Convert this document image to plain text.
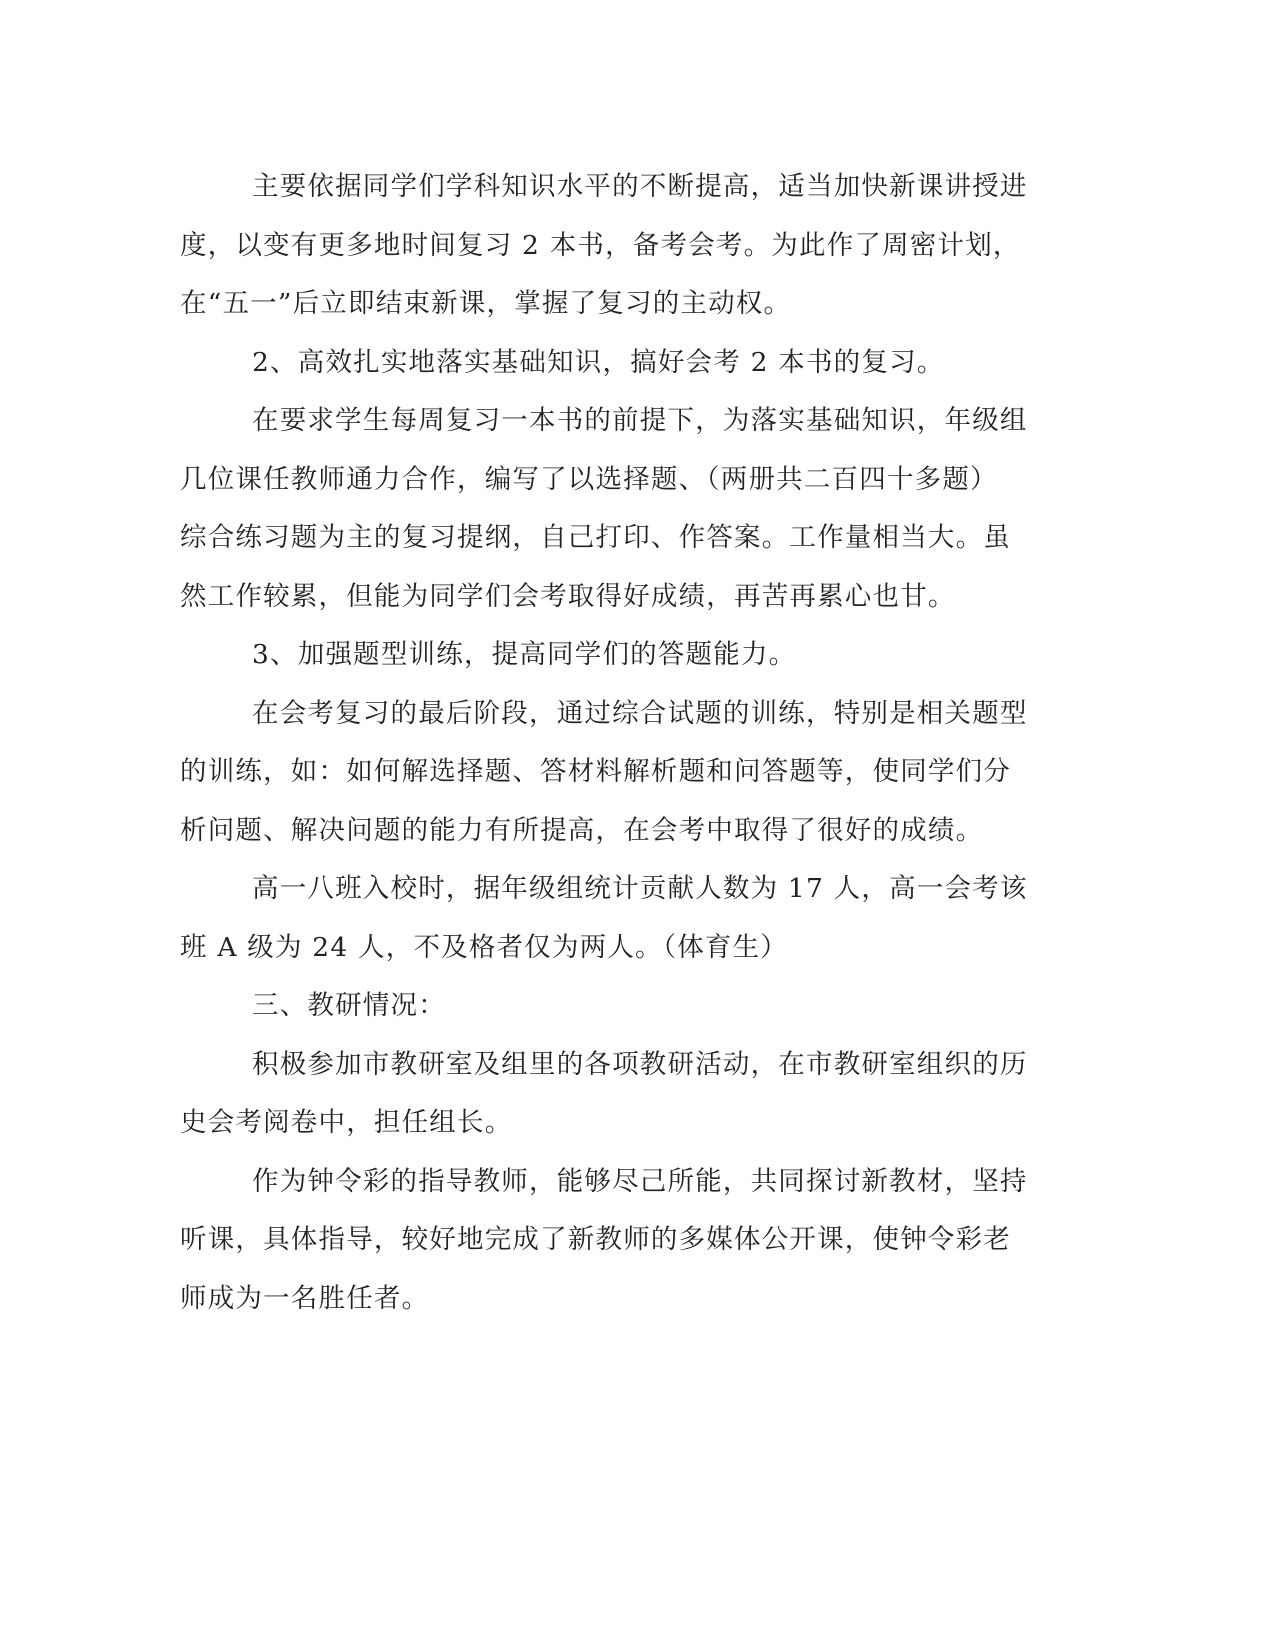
主要依据同学们学科知识水平的不断提高，适当加快新课讲授进
度，以变有更多地时间复习 2 本书，备考会考。为此作了周密计划，
在“五一”后立即结束新课，掌握了复习的主动权。

2、高效扎实地落实基础知识，搞好会考 2 本书的复习。

在要求学生每周复习一本书的前提下，为落实基础知识，年级组
几位课任教师通力合作，编写了以选择题、（两册共二百四十多题）
综合练习题为主的复习提纲，自己打印、作答案。工作量相当大。虽
然工作较累，但能为同学们会考取得好成绩，再苦再累心也甘。

3、加强题型训练，提高同学们的答题能力。

在会考复习的最后阶段，通过综合试题的训练，特别是相关题型
的训练，如：如何解选择题、答材料解析题和问答题等，使同学们分
析问题、解决问题的能力有所提高，在会考中取得了很好的成绩。

高一八班入校时，据年级组统计贡献人数为 17 人，高一会考该
班 A 级为 24 人，不及格者仅为两人。（体育生）

三、教研情况：

积极参加市教研室及组里的各项教研活动，在市教研室组织的历
史会考阅卷中，担任组长。

作为钟令彩的指导教师，能够尽己所能，共同探讨新教材，坚持
听课，具体指导，较好地完成了新教师的多媒体公开课，使钟令彩老
师成为一名胜任者。
